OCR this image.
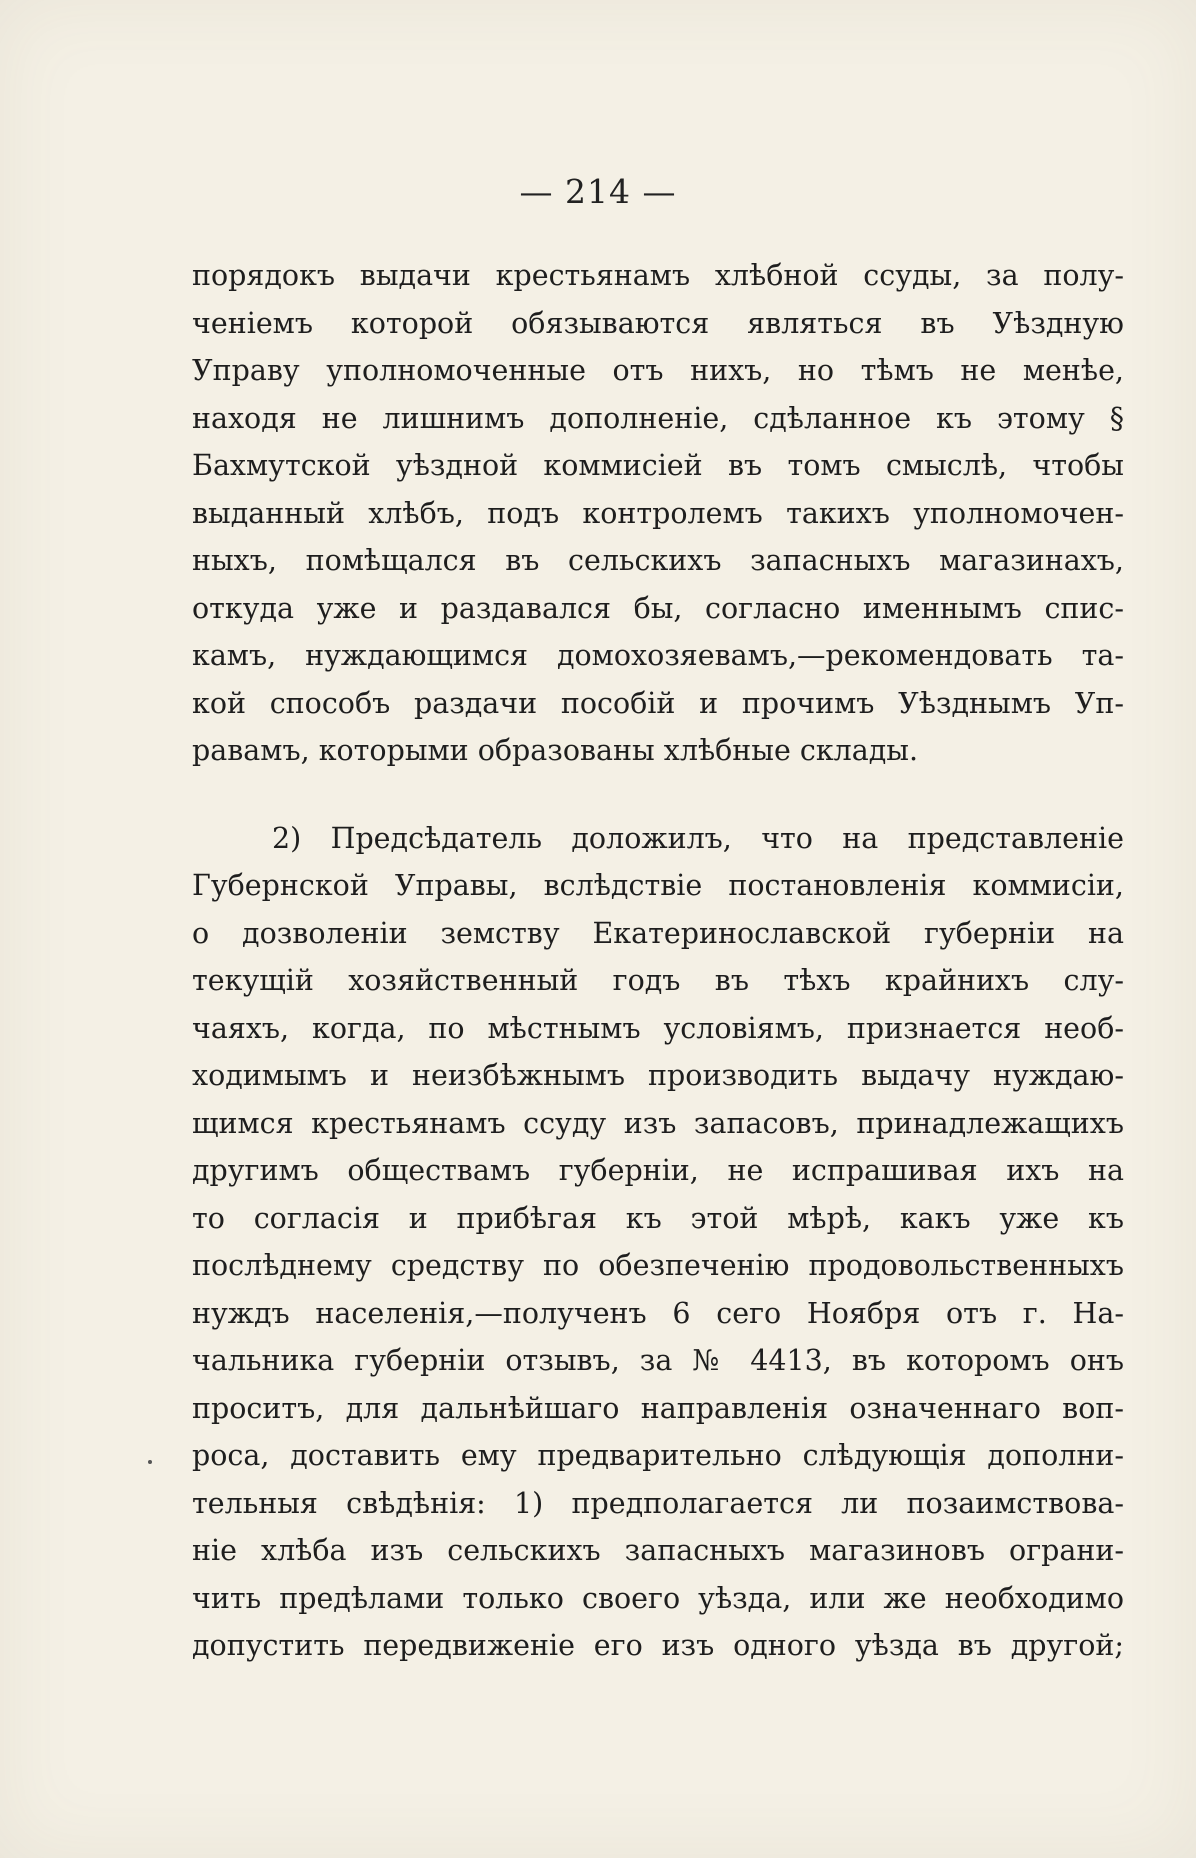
— 214 —
порядокъ выдачи крестьянамъ хлѣбной ссуды, за полу-
ченіемъ которой обязываются являться въ Уѣздную
Управу уполномоченные отъ нихъ, но тѣмъ не менѣе,
находя не лишнимъ дополненіе, сдѣланное къ этому §
Бахмутской уѣздной коммисіей въ томъ смыслѣ, чтобы
выданный хлѣбъ, подъ контролемъ такихъ уполномочен-
ныхъ, помѣщался въ сельскихъ запасныхъ магазинахъ,
откуда уже и раздавался бы, согласно именнымъ спис-
камъ, нуждающимся домохозяевамъ,—рекомендовать та-
кой способъ раздачи пособій и прочимъ Уѣзднымъ Уп-
равамъ, которыми образованы хлѣбные склады.
2) Предсѣдатель доложилъ, что на представленіе
Губернской Управы, вслѣдствіе постановленія коммисіи,
о дозволеніи земству Екатеринославской губерніи на
текущій хозяйственный годъ въ тѣхъ крайнихъ слу-
чаяхъ, когда, по мѣстнымъ условіямъ, признается необ-
ходимымъ и неизбѣжнымъ производить выдачу нуждаю-
щимся крестьянамъ ссуду изъ запасовъ, принадлежащихъ
другимъ обществамъ губерніи, не испрашивая ихъ на
то согласія и прибѣгая къ этой мѣрѣ, какъ уже къ
послѣднему средству по обезпеченію продовольственныхъ
нуждъ населенія,—полученъ 6 сего Ноября отъ г. На-
чальника губерніи отзывъ, за № 4413, въ которомъ онъ
проситъ, для дальнѣйшаго направленія означеннаго воп-
роса, доставить ему предварительно слѣдующія дополни-
тельныя свѣдѣнія: 1) предполагается ли позаимствова-
ніе хлѣба изъ сельскихъ запасныхъ магазиновъ ограни-
чить предѣлами только своего уѣзда, или же необходимо
допустить передвиженіе его изъ одного уѣзда въ другой;
